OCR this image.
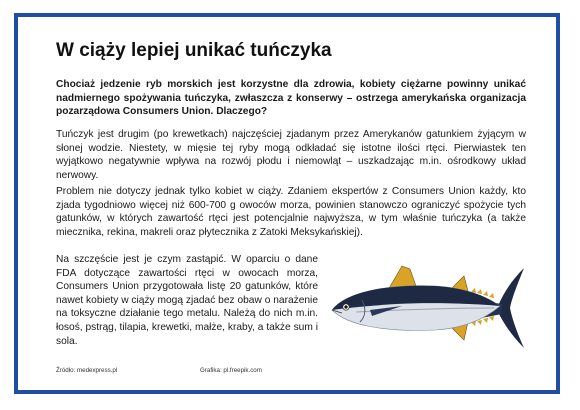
W ciąży lepiej unikać tuńczyka

Chociaż jedzenie ryb morskich jest korzystne dla zdrowia, kobiety ciężarne powinny unikać nadmiernego spożywania tuńczyka, zwłaszcza z konserwy – ostrzega amerykańska organizacja pozarządowa Consumers Union. Dlaczego?

Tuńczyk jest drugim (po krewetkach) najczęściej zjadanym przez Amerykanów gatunkiem żyjącym w słonej wodzie. Niestety, w mięsie tej ryby mogą odkładać się istotne ilości rtęci. Pierwiastek ten wyjątkowo negatywnie wpływa na rozwój płodu i niemowląt – uszkadzając m.in. ośrodkowy układ nerwowy.

Problem nie dotyczy jednak tylko kobiet w ciąży. Zdaniem ekspertów z Consumers Union każdy, kto zjada tygodniowo więcej niż 600-700 g owoców morza, powinien stanowczo ograniczyć spożycie tych gatunków, w których zawartość rtęci jest potencjalnie najwyższa, w tym właśnie tuńczyka (a także miecznika, rekina, makreli oraz płytecznika z Zatoki Meksykańskiej).

Na szczęście jest je czym zastąpić. W oparciu o dane FDA dotyczące zawartości rtęci w owocach morza, Consumers Union przygotowała listę 20 gatunków, które nawet kobiety w ciąży mogą zjadać bez obaw o narażenie na toksyczne działanie tego metalu. Należą do nich m.in. łosoś, pstrąg, tilapia, krewetki, małże, kraby, a także sum i sola.

Źródło: medexpress.pl	Grafika: pl.freepik.com
